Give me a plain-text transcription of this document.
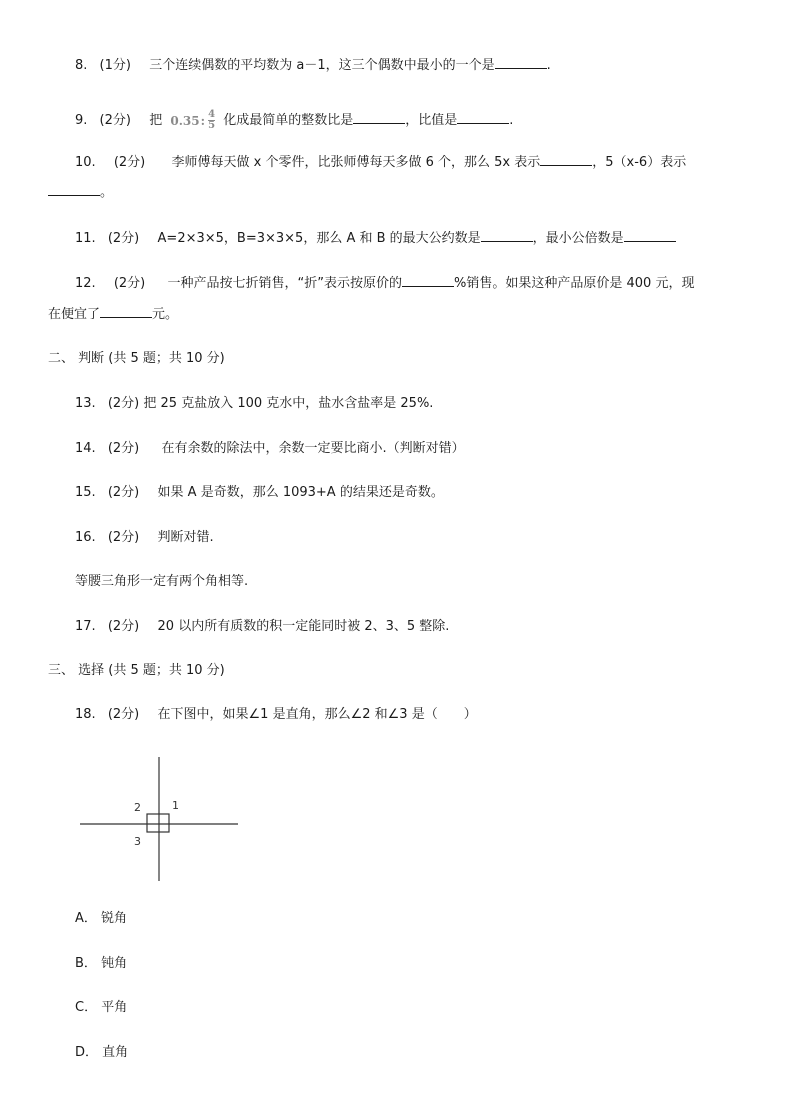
8. (1分) 三个连续偶数的平均数为 a－1，这三个偶数中最小的一个是	.
9. (2分) 把 0.35 : $\frac{4}{5}$ 化成最简单的整数比是	，比值是	.
10. (2分) 李师傅每天做 x 个零件，比张师傅每天多做 6 个，那么 5x 表示	，5（x-6）表示
。
11. (2分) A=2×3×5，B=3×3×5，那么 A 和 B 的最大公约数是	，最小公倍数是
12. (2分) 一种产品按七折销售，“折”表示按原价的	%销售。如果这种产品原价是 400 元，现
在便宜了	元。
二、 判断 (共 5 题；共 10 分)
13. (2分) 把 25 克盐放入 100 克水中，盐水含盐率是 25%.
14. (2分) 在有余数的除法中，余数一定要比商小.（判断对错）
15. (2分) 如果 A 是奇数，那么 1093+A 的结果还是奇数。
16. (2分) 判断对错.
等腰三角形一定有两个角相等.
17. (2分) 20 以内所有质数的积一定能同时被 2、3、5 整除.
三、 选择 (共 5 题；共 10 分)
18. (2分) 在下图中，如果∠1 是直角，那么∠2 和∠3 是（　　）
1
2
3
A． 锐角
B． 钝角
C． 平角
D． 直角
